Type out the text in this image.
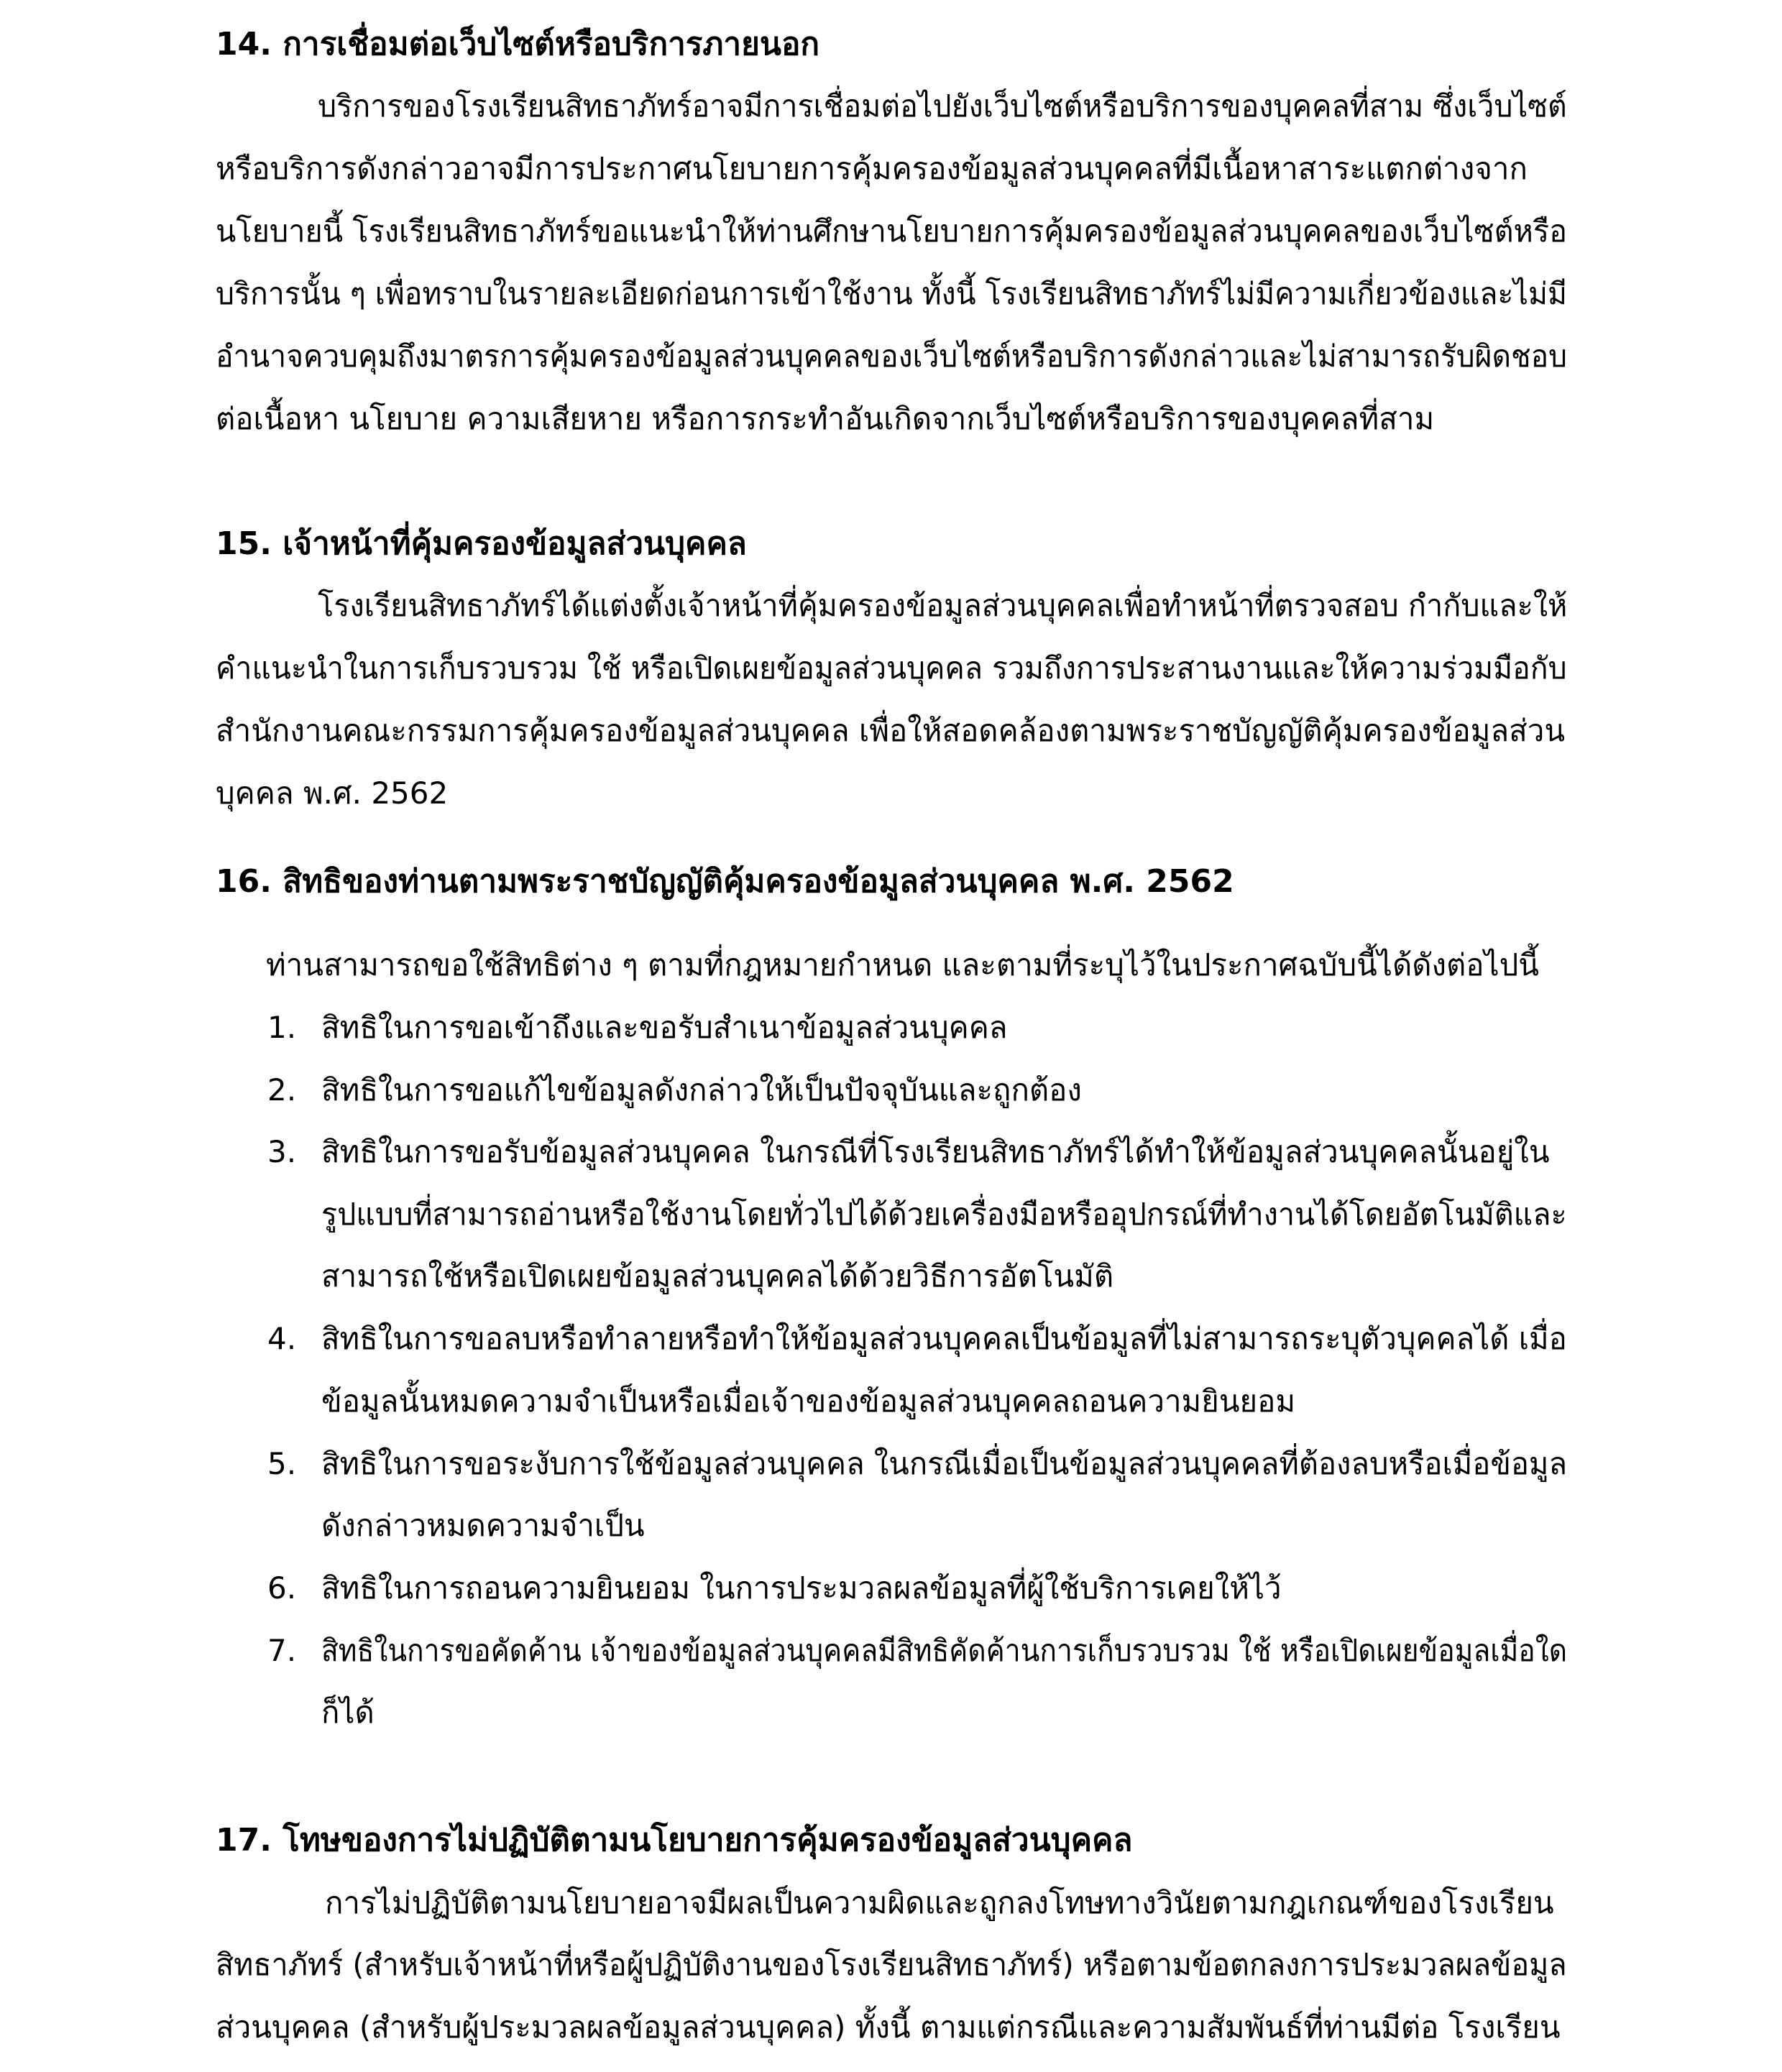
14. การเชื่อมต่อเว็บไซต์หรือบริการภายนอก
บริการของโรงเรียนสิทธาภัทร์อาจมีการเชื่อมต่อไปยังเว็บไซต์หรือบริการของบุคคลที่สาม ซึ่งเว็บไซต์
หรือบริการดังกล่าวอาจมีการประกาศนโยบายการคุ้มครองข้อมูลส่วนบุคคลที่มีเนื้อหาสาระแตกต่างจาก
นโยบายนี้ โรงเรียนสิทธาภัทร์ขอแนะนำให้ท่านศึกษานโยบายการคุ้มครองข้อมูลส่วนบุคคลของเว็บไซต์หรือ
บริการนั้น ๆ เพื่อทราบในรายละเอียดก่อนการเข้าใช้งาน ทั้งนี้ โรงเรียนสิทธาภัทร์ไม่มีความเกี่ยวข้องและไม่มี
อำนาจควบคุมถึงมาตรการคุ้มครองข้อมูลส่วนบุคคลของเว็บไซต์หรือบริการดังกล่าวและไม่สามารถรับผิดชอบ
ต่อเนื้อหา นโยบาย ความเสียหาย หรือการกระทำอันเกิดจากเว็บไซต์หรือบริการของบุคคลที่สาม
15. เจ้าหน้าที่คุ้มครองข้อมูลส่วนบุคคล
โรงเรียนสิทธาภัทร์ได้แต่งตั้งเจ้าหน้าที่คุ้มครองข้อมูลส่วนบุคคลเพื่อทำหน้าที่ตรวจสอบ กำกับและให้
คำแนะนำในการเก็บรวบรวม ใช้ หรือเปิดเผยข้อมูลส่วนบุคคล รวมถึงการประสานงานและให้ความร่วมมือกับ
สำนักงานคณะกรรมการคุ้มครองข้อมูลส่วนบุคคล เพื่อให้สอดคล้องตามพระราชบัญญัติคุ้มครองข้อมูลส่วน
บุคคล พ.ศ. 2562
16. สิทธิของท่านตามพระราชบัญญัติคุ้มครองข้อมูลส่วนบุคคล พ.ศ. 2562
ท่านสามารถขอใช้สิทธิต่าง ๆ ตามที่กฎหมายกำหนด และตามที่ระบุไว้ในประกาศฉบับนี้ได้ดังต่อไปนี้
1. สิทธิในการขอเข้าถึงและขอรับสำเนาข้อมูลส่วนบุคคล
2. สิทธิในการขอแก้ไขข้อมูลดังกล่าวให้เป็นปัจจุบันและถูกต้อง
3. สิทธิในการขอรับข้อมูลส่วนบุคคล ในกรณีที่โรงเรียนสิทธาภัทร์ได้ทำให้ข้อมูลส่วนบุคคลนั้นอยู่ใน
รูปแบบที่สามารถอ่านหรือใช้งานโดยทั่วไปได้ด้วยเครื่องมือหรืออุปกรณ์ที่ทำงานได้โดยอัตโนมัติและ
สามารถใช้หรือเปิดเผยข้อมูลส่วนบุคคลได้ด้วยวิธีการอัตโนมัติ
4. สิทธิในการขอลบหรือทำลายหรือทำให้ข้อมูลส่วนบุคคลเป็นข้อมูลที่ไม่สามารถระบุตัวบุคคลได้ เมื่อ
ข้อมูลนั้นหมดความจำเป็นหรือเมื่อเจ้าของข้อมูลส่วนบุคคลถอนความยินยอม
5. สิทธิในการขอระงับการใช้ข้อมูลส่วนบุคคล ในกรณีเมื่อเป็นข้อมูลส่วนบุคคลที่ต้องลบหรือเมื่อข้อมูล
ดังกล่าวหมดความจำเป็น
6. สิทธิในการถอนความยินยอม ในการประมวลผลข้อมูลที่ผู้ใช้บริการเคยให้ไว้
7. สิทธิในการขอคัดค้าน เจ้าของข้อมูลส่วนบุคคลมีสิทธิคัดค้านการเก็บรวบรวม ใช้ หรือเปิดเผยข้อมูลเมื่อใด
ก็ได้
17. โทษของการไม่ปฏิบัติตามนโยบายการคุ้มครองข้อมูลส่วนบุคคล
การไม่ปฏิบัติตามนโยบายอาจมีผลเป็นความผิดและถูกลงโทษทางวินัยตามกฎเกณฑ์ของโรงเรียน
สิทธาภัทร์ (สำหรับเจ้าหน้าที่หรือผู้ปฏิบัติงานของโรงเรียนสิทธาภัทร์) หรือตามข้อตกลงการประมวลผลข้อมูล
ส่วนบุคคล (สำหรับผู้ประมวลผลข้อมูลส่วนบุคคล) ทั้งนี้ ตามแต่กรณีและความสัมพันธ์ที่ท่านมีต่อ โรงเรียน
